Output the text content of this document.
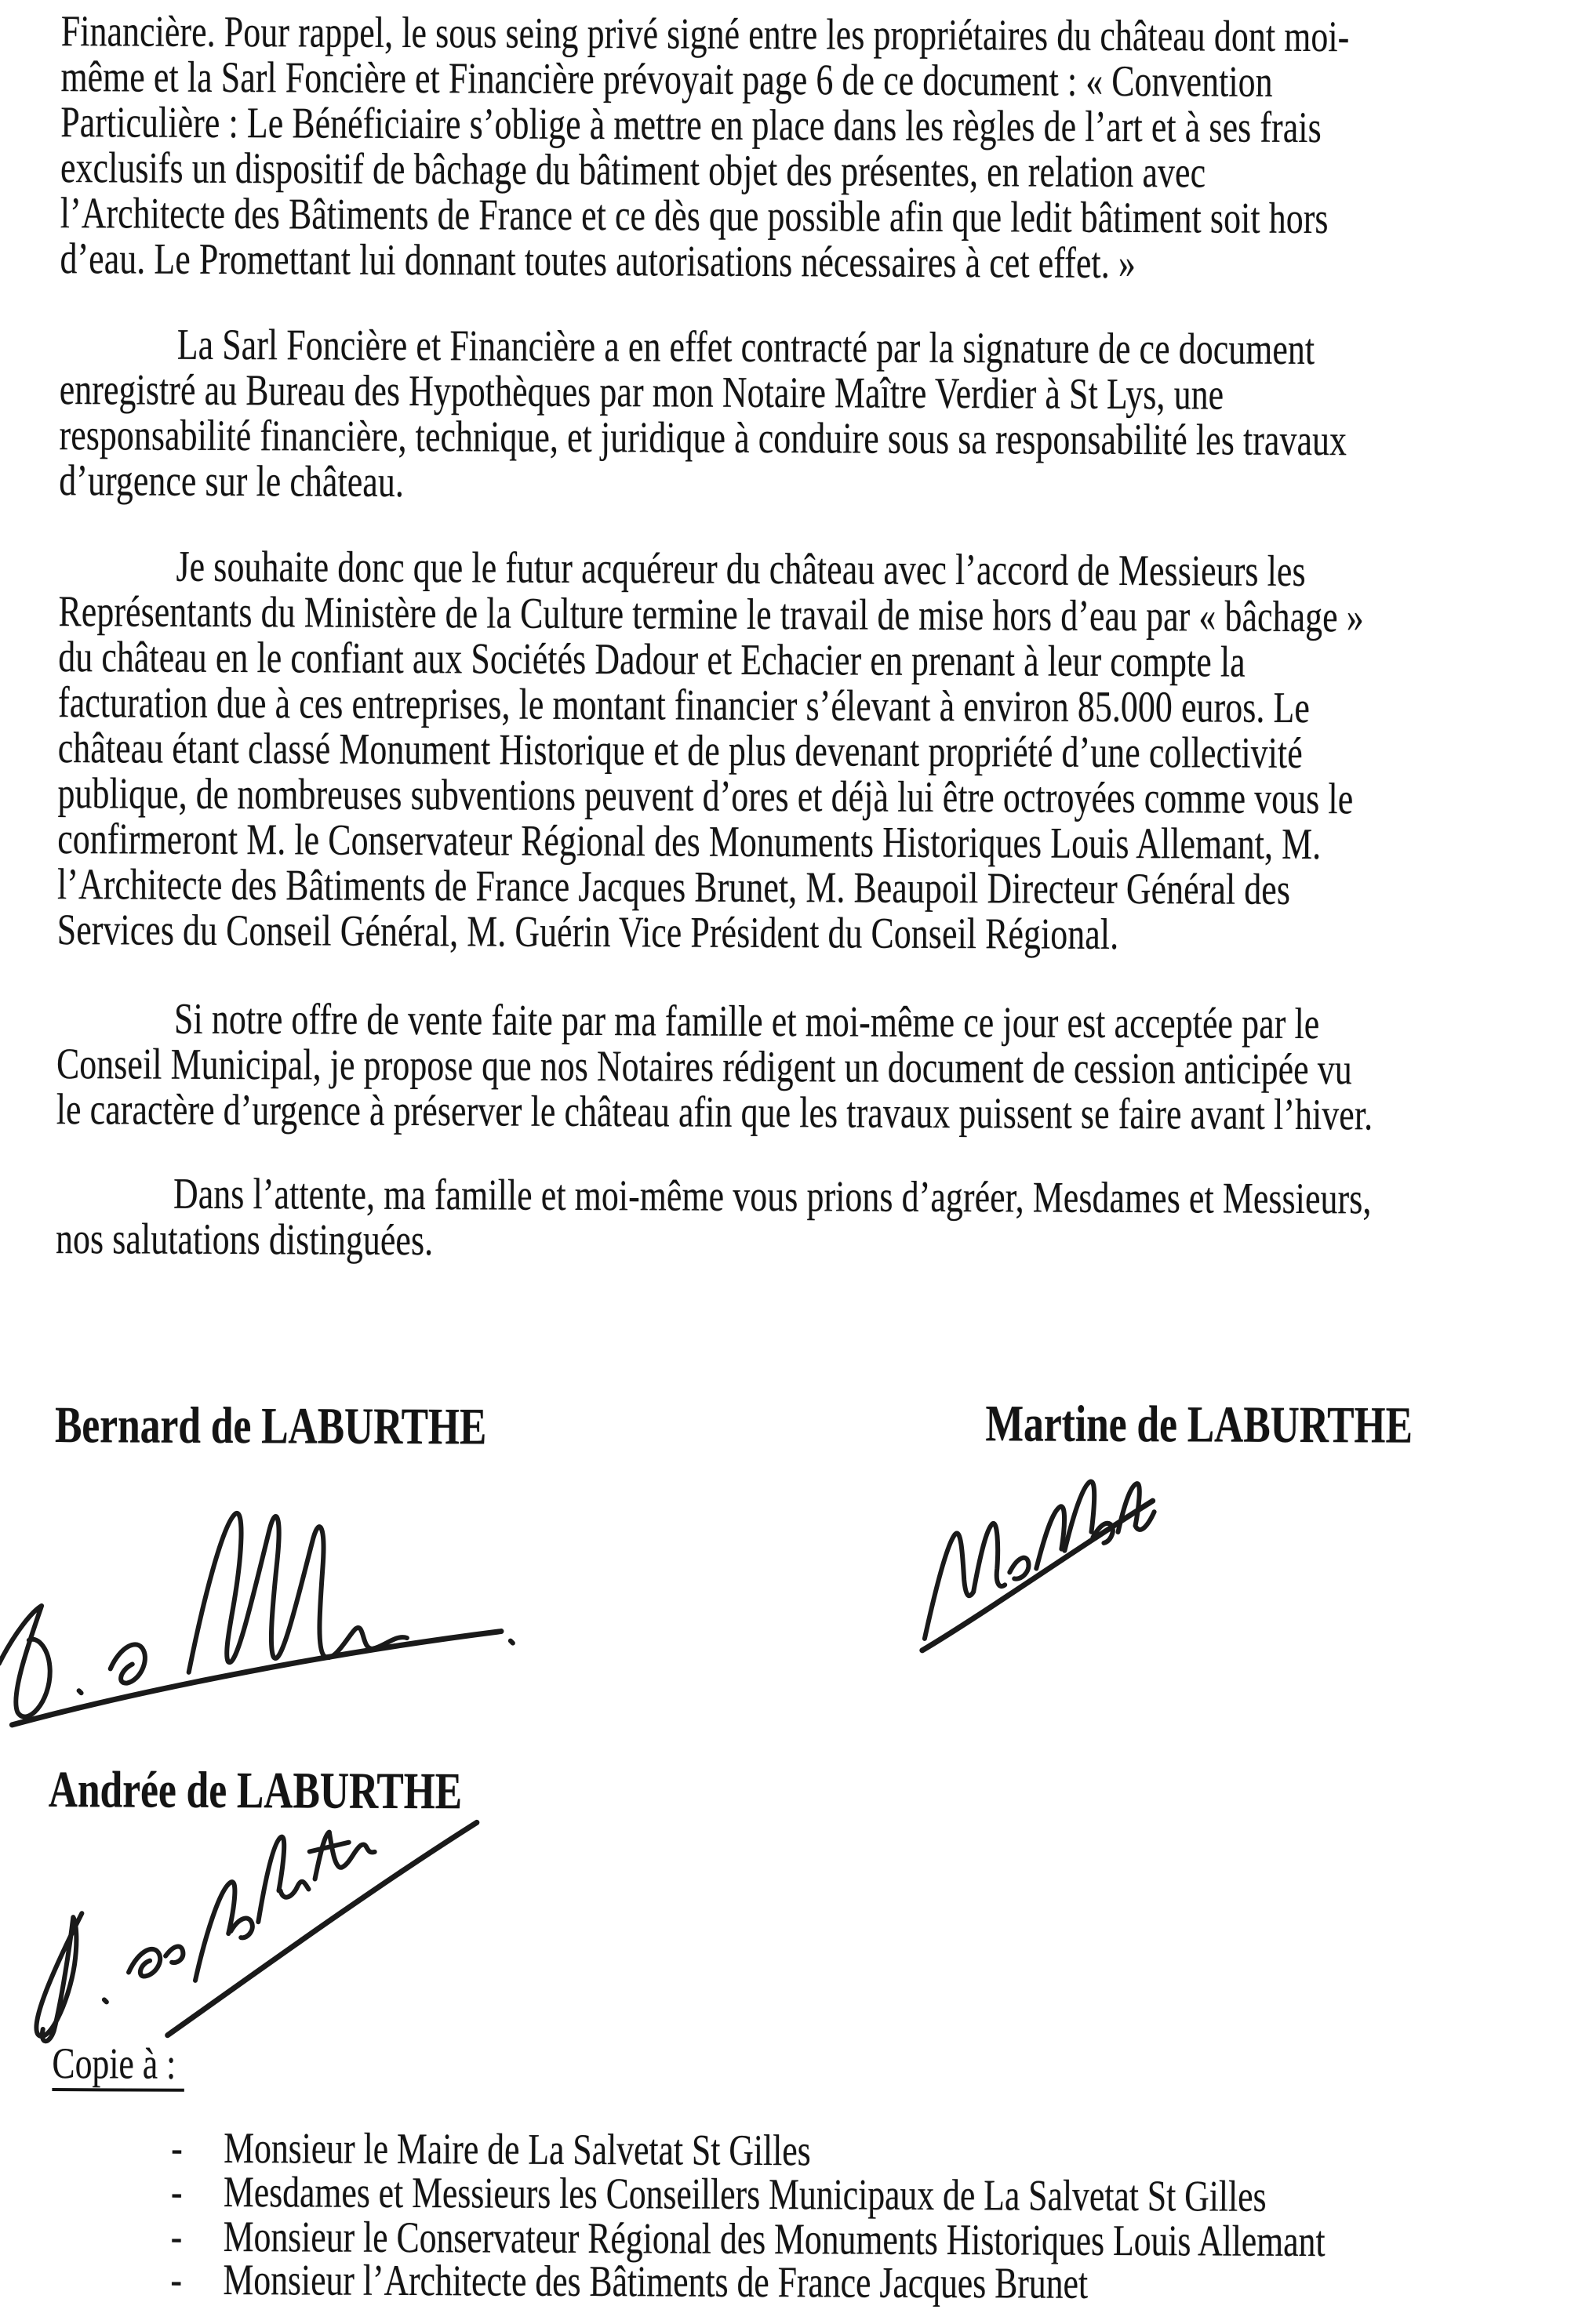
Financière. Pour rappel, le sous seing privé signé entre les propriétaires du château dont moi-
même et la Sarl Foncière et Financière prévoyait page 6 de ce document : « Convention
Particulière : Le Bénéficiaire s’oblige à mettre en place dans les règles de l’art et à ses frais
exclusifs un dispositif de bâchage du bâtiment objet des présentes, en relation avec
l’Architecte des Bâtiments de France et ce dès que possible afin que ledit bâtiment soit hors
d’eau. Le Promettant lui donnant toutes autorisations nécessaires à cet effet. »
La Sarl Foncière et Financière a en effet contracté par la signature de ce document
enregistré au Bureau des Hypothèques par mon Notaire Maître Verdier à St Lys, une
responsabilité financière, technique, et juridique à conduire sous sa responsabilité les travaux
d’urgence sur le château.
Je souhaite donc que le futur acquéreur du château avec l’accord de Messieurs les
Représentants du Ministère de la Culture termine le travail de mise hors d’eau par « bâchage »
du château en le confiant aux Sociétés Dadour et Echacier en prenant à leur compte la
facturation due à ces entreprises, le montant financier s’élevant à environ 85.000 euros. Le
château étant classé Monument Historique et de plus devenant propriété d’une collectivité
publique, de nombreuses subventions peuvent d’ores et déjà lui être octroyées comme vous le
confirmeront M. le Conservateur Régional des Monuments Historiques Louis Allemant, M.
l’Architecte des Bâtiments de France Jacques Brunet, M. Beaupoil Directeur Général des
Services du Conseil Général, M. Guérin Vice Président du Conseil Régional.
Si notre offre de vente faite par ma famille et moi-même ce jour est acceptée par le
Conseil Municipal, je propose que nos Notaires rédigent un document de cession anticipée vu
le caractère d’urgence à préserver le château afin que les travaux puissent se faire avant l’hiver.
Dans l’attente, ma famille et moi-même vous prions d’agréer, Mesdames et Messieurs,
nos salutations distinguées.
Bernard de LABURTHE	Martine de LABURTHE
Andrée de LABURTHE
Copie à :
- Monsieur le Maire de La Salvetat St Gilles
- Mesdames et Messieurs les Conseillers Municipaux de La Salvetat St Gilles
- Monsieur le Conservateur Régional des Monuments Historiques Louis Allemant
- Monsieur l’Architecte des Bâtiments de France Jacques Brunet
